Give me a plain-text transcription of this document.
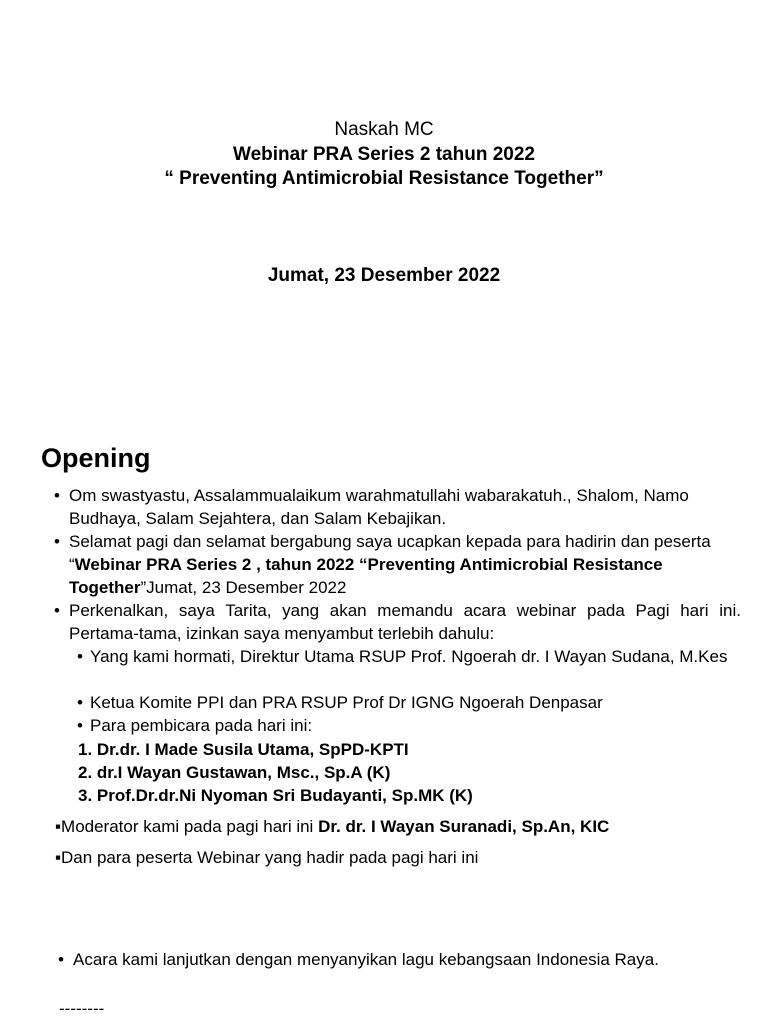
Naskah MC
Webinar PRA Series 2 tahun 2022
“ Preventing Antimicrobial Resistance Together”
Jumat, 23 Desember 2022
Opening
• Om swastyastu, Assalammualaikum warahmatullahi wabarakatuh., Shalom, Namo Budhaya, Salam Sejahtera, dan Salam Kebajikan.
• Selamat pagi dan selamat bergabung saya ucapkan kepada para hadirin dan peserta “Webinar PRA Series 2 , tahun 2022 “Preventing Antimicrobial Resistance Together”Jumat, 23 Desember 2022
• Perkenalkan, saya Tarita, yang akan memandu acara webinar pada Pagi hari ini. Pertama-tama, izinkan saya menyambut terlebih dahulu:
• Yang kami hormati, Direktur Utama RSUP Prof. Ngoerah dr. I Wayan Sudana, M.Kes
• Ketua Komite PPI dan PRA RSUP Prof Dr IGNG Ngoerah Denpasar
• Para pembicara pada hari ini:
1. Dr.dr. I Made Susila Utama, SpPD-KPTI
2. dr.I Wayan Gustawan, Msc., Sp.A (K)
3. Prof.Dr.dr.Ni Nyoman Sri Budayanti, Sp.MK (K)
▪Moderator kami pada pagi hari ini Dr. dr. I Wayan Suranadi, Sp.An, KIC
▪Dan para peserta Webinar yang hadir pada pagi hari ini
• Acara kami lanjutkan dengan menyanyikan lagu kebangsaan Indonesia Raya.
--------
